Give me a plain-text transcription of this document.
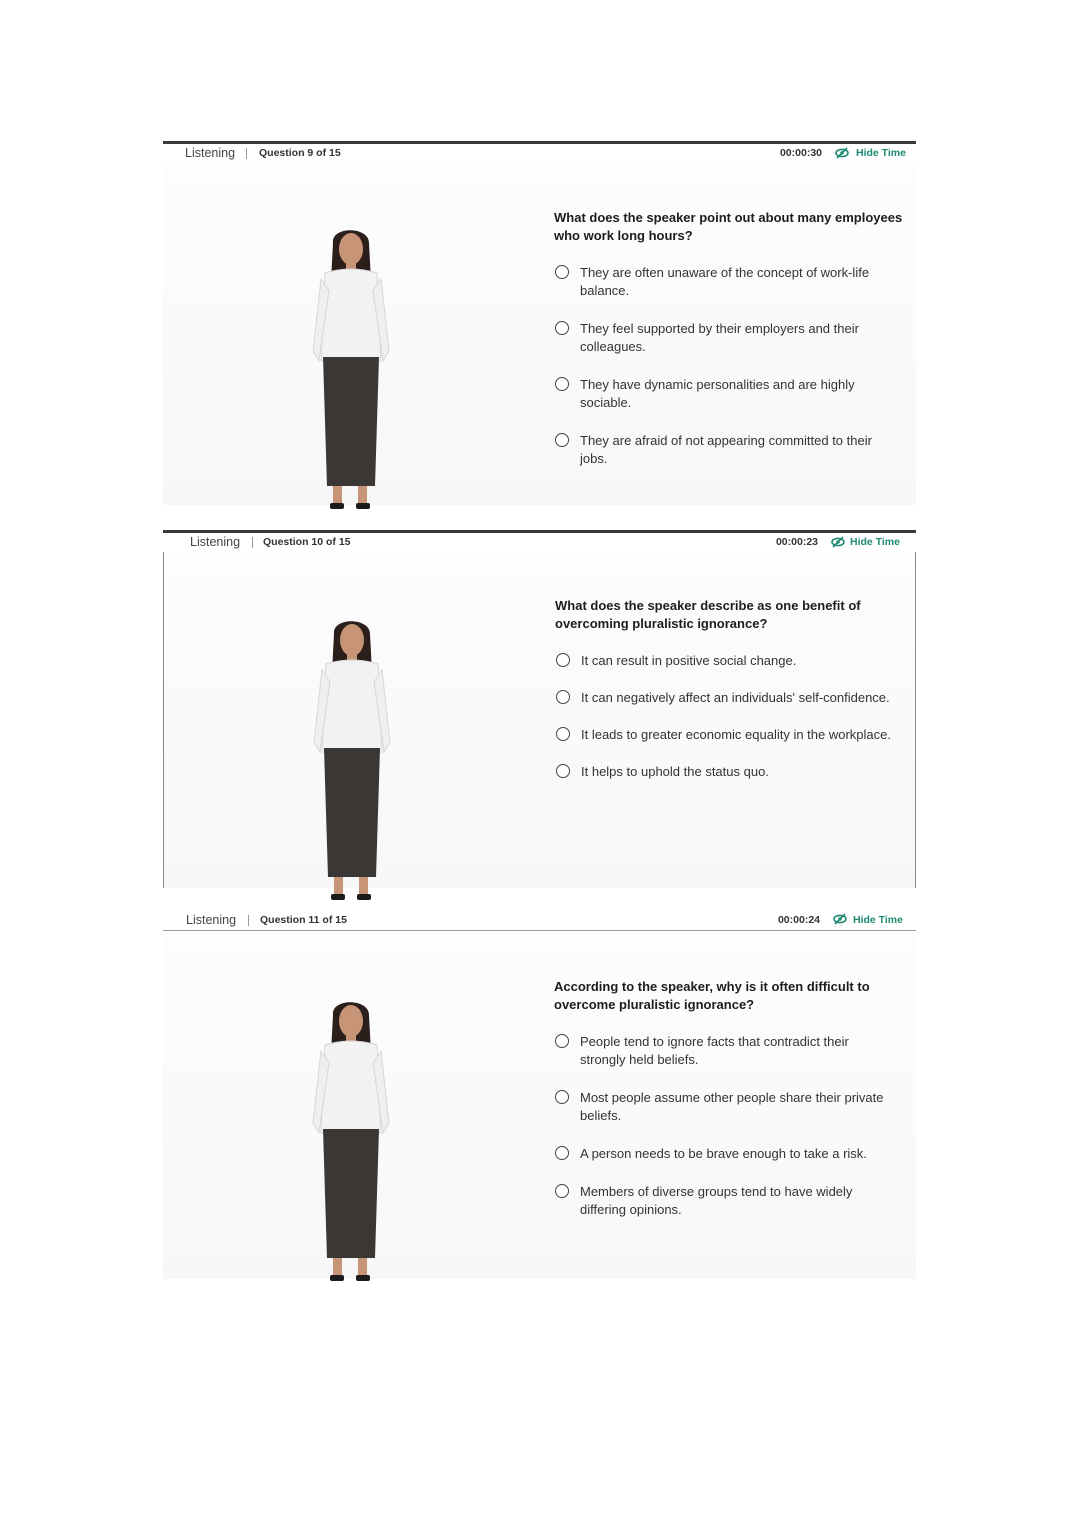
Listening Question 9 of 15	00:00:30	Hide Time
What does the speaker point out about many employees who work long hours?
They are often unaware of the concept of work-life balance.
They feel supported by their employers and their colleagues.
They have dynamic personalities and are highly sociable.
They are afraid of not appearing committed to their jobs.
Listening Question 10 of 15	00:00:23	Hide Time
What does the speaker describe as one benefit of overcoming pluralistic ignorance?
It can result in positive social change.
It can negatively affect an individuals' self-confidence.
It leads to greater economic equality in the workplace.
It helps to uphold the status quo.
Listening Question 11 of 15	00:00:24	Hide Time
According to the speaker, why is it often difficult to overcome pluralistic ignorance?
People tend to ignore facts that contradict their strongly held beliefs.
Most people assume other people share their private beliefs.
A person needs to be brave enough to take a risk.
Members of diverse groups tend to have widely differing opinions.
